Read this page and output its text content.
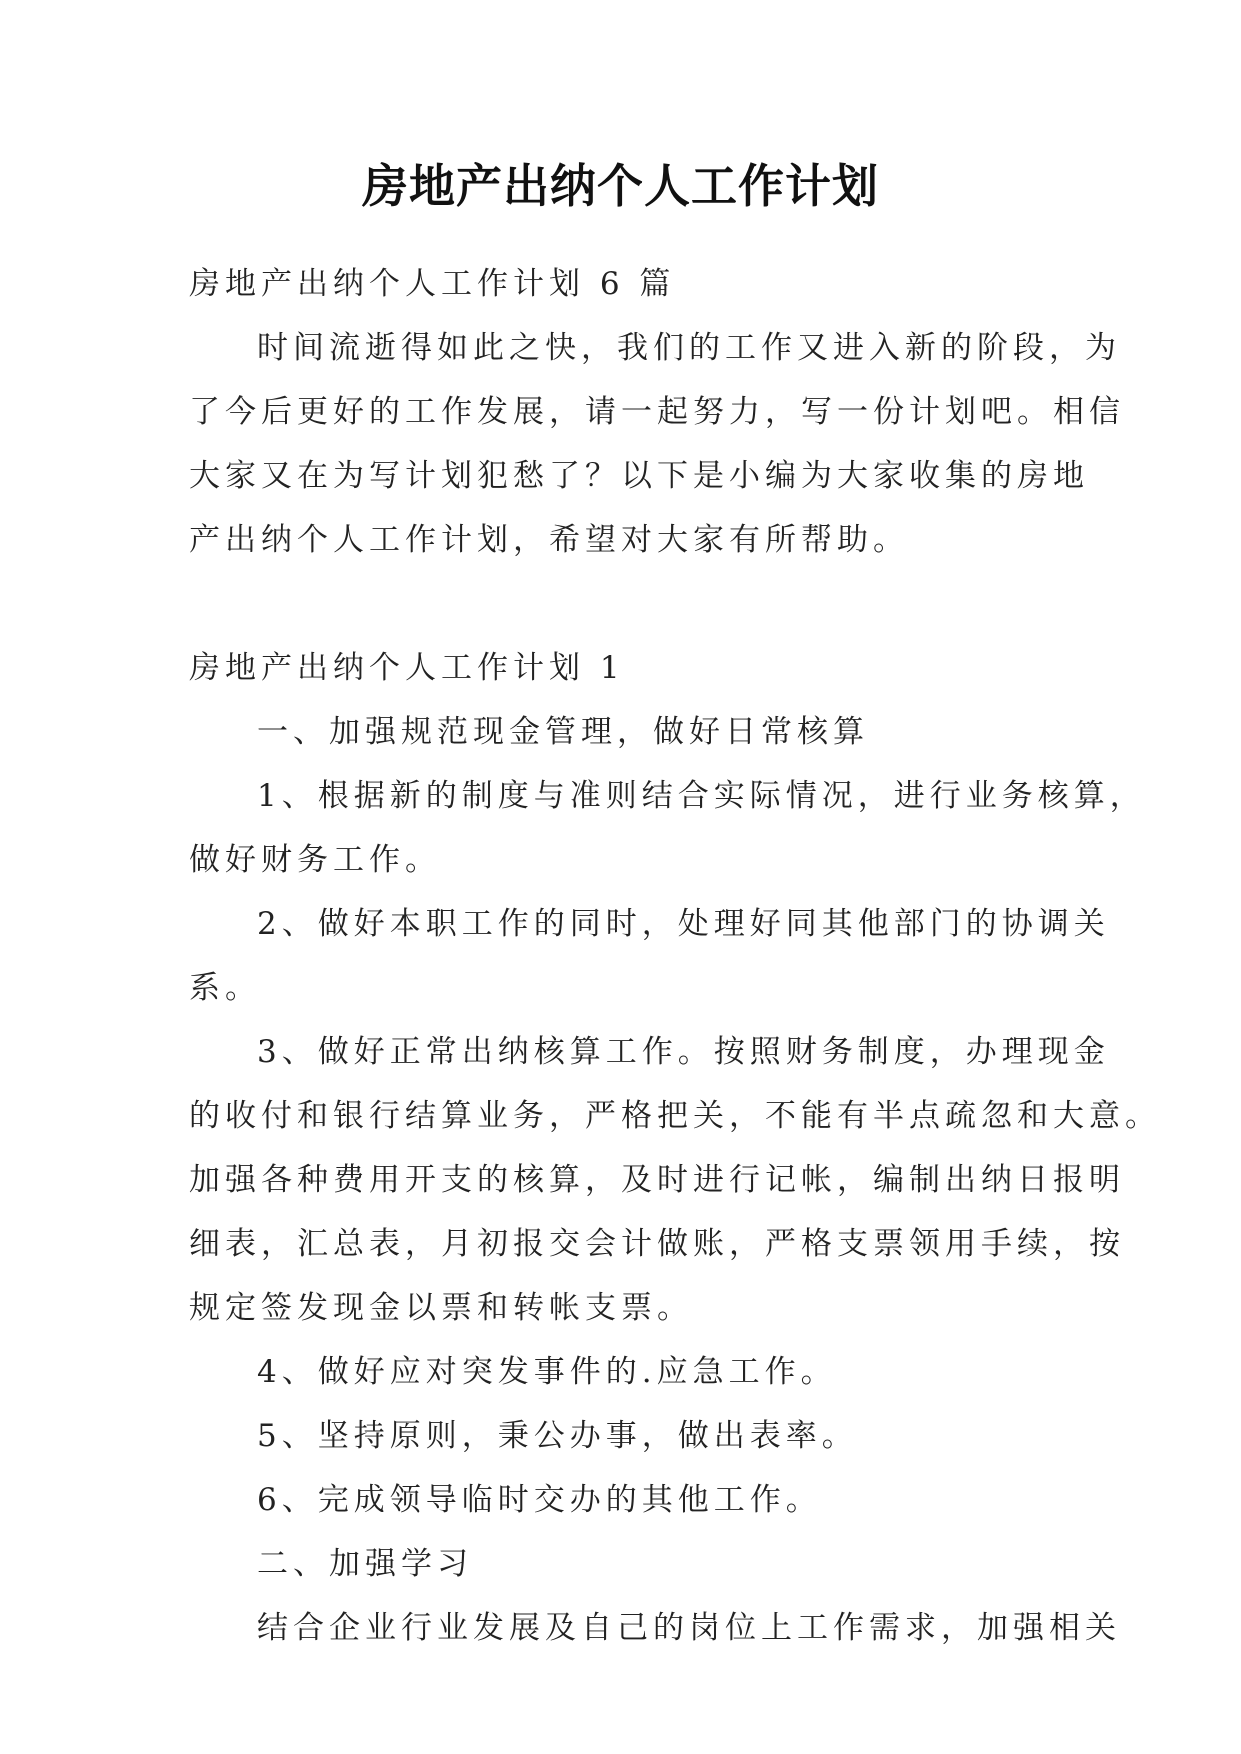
房地产出纳个人工作计划
房地产出纳个人工作计划 6 篇
时间流逝得如此之快，我们的工作又进入新的阶段，为
了今后更好的工作发展，请一起努力，写一份计划吧。相信
大家又在为写计划犯愁了？以下是小编为大家收集的房地
产出纳个人工作计划，希望对大家有所帮助。
房地产出纳个人工作计划 1
一、加强规范现金管理，做好日常核算
1、根据新的制度与准则结合实际情况，进行业务核算，
做好财务工作。
2、做好本职工作的同时，处理好同其他部门的协调关
系。
3、做好正常出纳核算工作。按照财务制度，办理现金
的收付和银行结算业务，严格把关，不能有半点疏忽和大意。
加强各种费用开支的核算，及时进行记帐，编制出纳日报明
细表，汇总表，月初报交会计做账，严格支票领用手续，按
规定签发现金以票和转帐支票。
4、做好应对突发事件的.应急工作。
5、坚持原则，秉公办事，做出表率。
6、完成领导临时交办的其他工作。
二、加强学习
结合企业行业发展及自己的岗位上工作需求，加强相关
